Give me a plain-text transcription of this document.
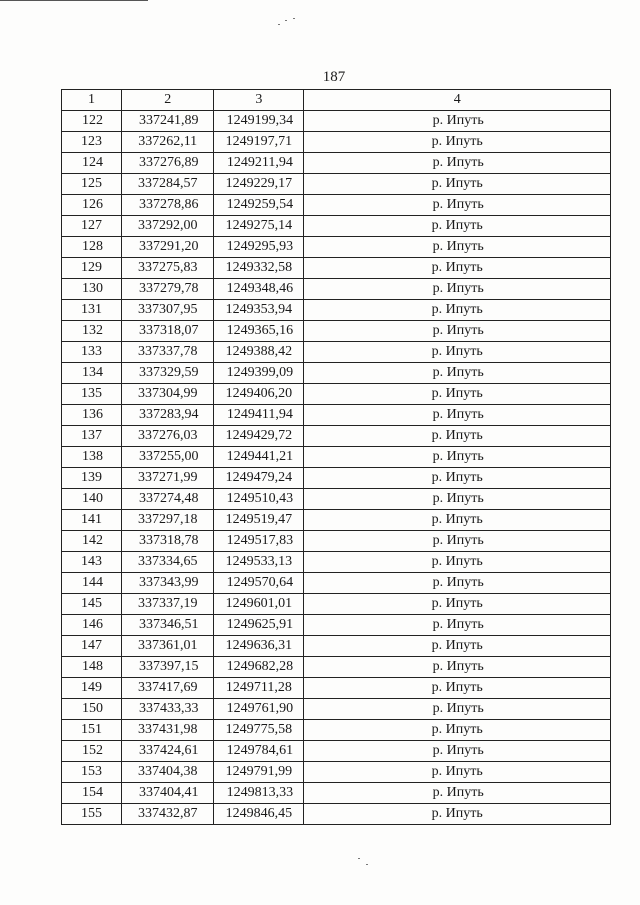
187
1	2	3	4
122	337241,89	1249199,34	р. Ипуть
123	337262,11	1249197,71	р. Ипуть
124	337276,89	1249211,94	р. Ипуть
125	337284,57	1249229,17	р. Ипуть
126	337278,86	1249259,54	р. Ипуть
127	337292,00	1249275,14	р. Ипуть
128	337291,20	1249295,93	р. Ипуть
129	337275,83	1249332,58	р. Ипуть
130	337279,78	1249348,46	р. Ипуть
131	337307,95	1249353,94	р. Ипуть
132	337318,07	1249365,16	р. Ипуть
133	337337,78	1249388,42	р. Ипуть
134	337329,59	1249399,09	р. Ипуть
135	337304,99	1249406,20	р. Ипуть
136	337283,94	1249411,94	р. Ипуть
137	337276,03	1249429,72	р. Ипуть
138	337255,00	1249441,21	р. Ипуть
139	337271,99	1249479,24	р. Ипуть
140	337274,48	1249510,43	р. Ипуть
141	337297,18	1249519,47	р. Ипуть
142	337318,78	1249517,83	р. Ипуть
143	337334,65	1249533,13	р. Ипуть
144	337343,99	1249570,64	р. Ипуть
145	337337,19	1249601,01	р. Ипуть
146	337346,51	1249625,91	р. Ипуть
147	337361,01	1249636,31	р. Ипуть
148	337397,15	1249682,28	р. Ипуть
149	337417,69	1249711,28	р. Ипуть
150	337433,33	1249761,90	р. Ипуть
151	337431,98	1249775,58	р. Ипуть
152	337424,61	1249784,61	р. Ипуть
153	337404,38	1249791,99	р. Ипуть
154	337404,41	1249813,33	р. Ипуть
155	337432,87	1249846,45	р. Ипуть
